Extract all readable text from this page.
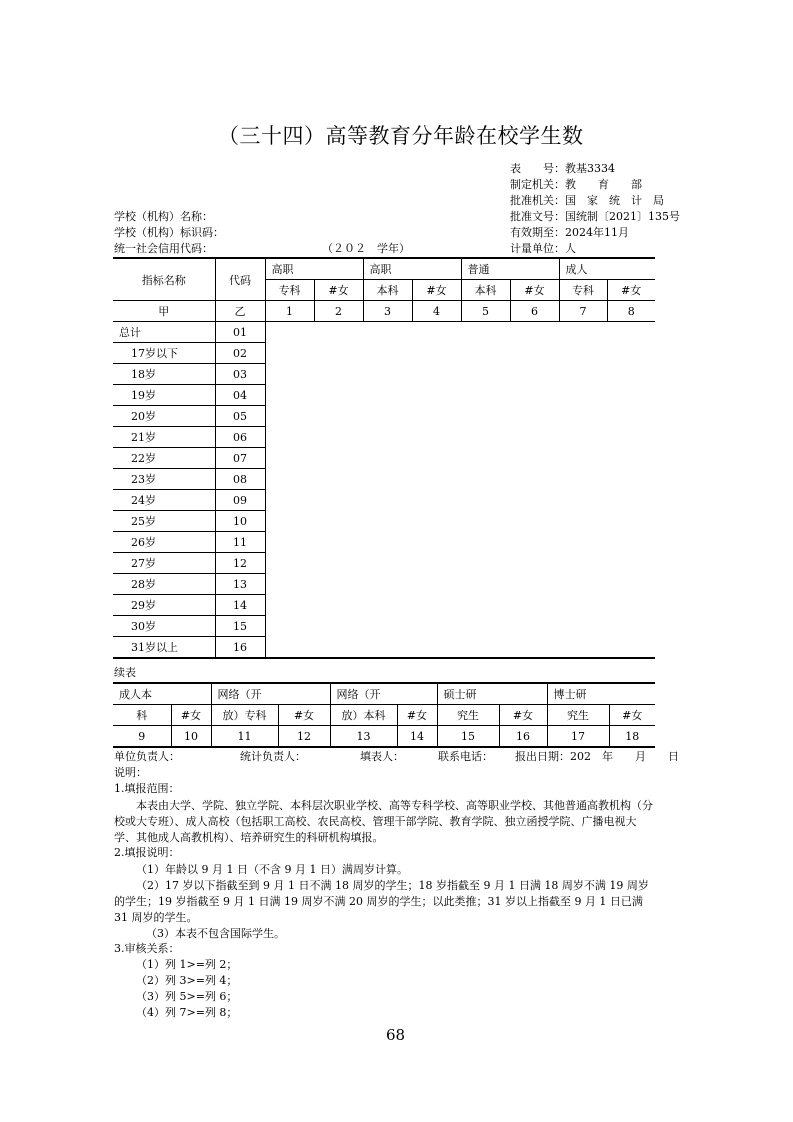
（三十四）高等教育分年龄在校学生数
表　　号：教基3334
制定机关：教　　育　　部
批准机关：国　家　统　计　局
批准文号：国统制〔2021〕135号
有效期至：2024年11月
计量单位：人
学校（机构）名称：
学校（机构）标识码：
统一社会信用代码：	（２０２　学年）
指标名称	代码	高职		高职		普通		成人	
		专科	#女	本科	#女	本科	#女	专科	#女
甲	乙	1	2	3	4	5	6	7	8
总计	01								
17岁以下	02								
18岁	03								
19岁	04								
20岁	05								
21岁	06								
22岁	07								
23岁	08								
24岁	09								
25岁	10								
26岁	11								
27岁	12								
28岁	13								
29岁	14								
30岁	15								
31岁以上	16								
续表
成人本		网络（开		网络（开		硕士研		博士研	
科	#女	放）专科	#女	放）本科	#女	究生	#女	究生	#女
9	10	11	12	13	14	15	16	17	18
单位负责人：	统计负责人：	填表人：	联系电话： 报出日期：202　年　　月　　日
说明：
1.填报范围：
本表由大学、学院、独立学院、本科层次职业学校、高等专科学校、高等职业学校、其他普通高教机构（分校或大专班）、成人高校（包括职工高校、农民高校、管理干部学院、教育学院、独立函授学院、广播电视大学、其他成人高教机构）、培养研究生的科研机构填报。
2.填报说明：
（1）年龄以 9 月 1 日（不含 9 月 1 日）满周岁计算。
（2）17 岁以下指截至到 9 月 1 日不满 18 周岁的学生；18 岁指截至 9 月 1 日满 18 周岁不满 19 周岁的学生；19 岁指截至 9 月 1 日满 19 周岁不满 20 周岁的学生；以此类推；31 岁以上指截至 9 月 1 日已满 31 周岁的学生。
（3）本表不包含国际学生。
3.审核关系：
（1）列 1>=列 2；
（2）列 3>=列 4；
（3）列 5>=列 6；
（4）列 7>=列 8；
68
